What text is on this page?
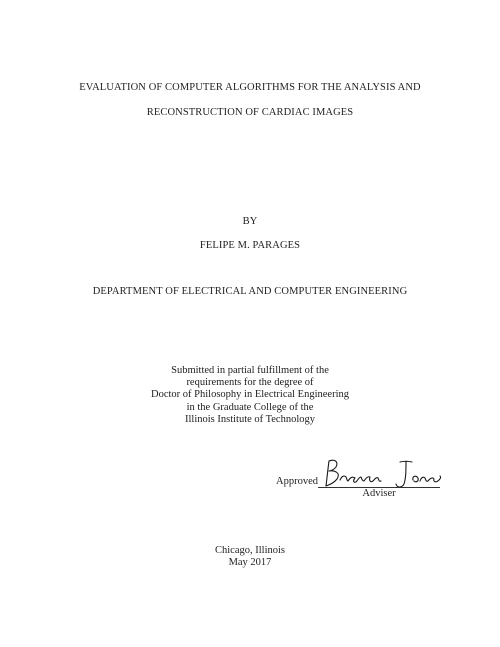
EVALUATION OF COMPUTER ALGORITHMS FOR THE ANALYSIS AND
RECONSTRUCTION OF CARDIAC IMAGES
BY
FELIPE M. PARAGES
DEPARTMENT OF ELECTRICAL AND COMPUTER ENGINEERING
Submitted in partial fulfillment of the
requirements for the degree of
Doctor of Philosophy in Electrical Engineering
in the Graduate College of the
Illinois Institute of Technology
Approved
Adviser
Chicago, Illinois
May 2017
